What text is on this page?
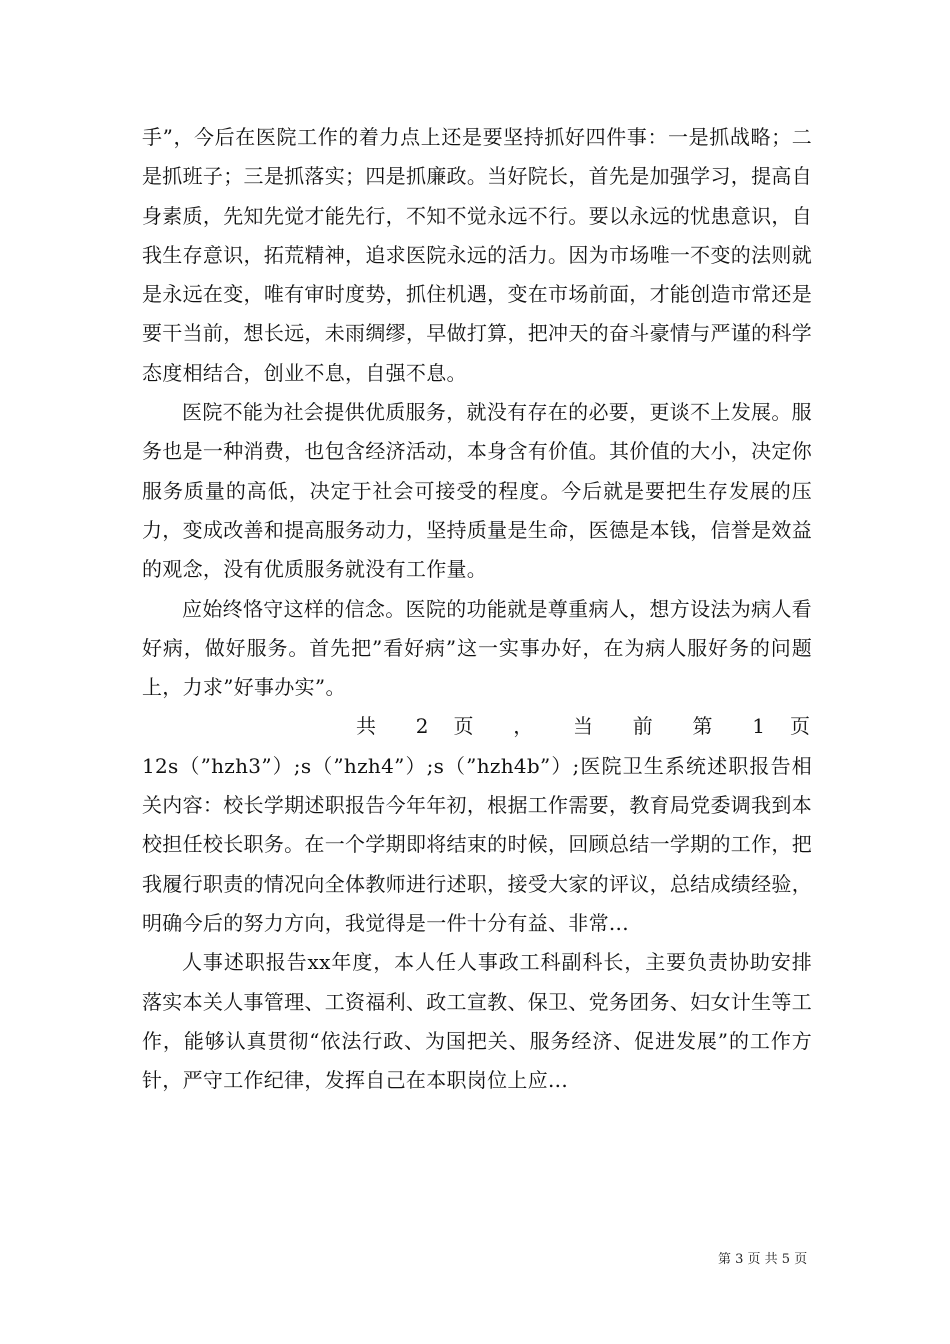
手”，今后在医院工作的着力点上还是要坚持抓好四件事：一是抓战略；二是抓班子；三是抓落实；四是抓廉政。当好院长，首先是加强学习，提高自身素质，先知先觉才能先行，不知不觉永远不行。要以永远的忧患意识，自我生存意识，拓荒精神，追求医院永远的活力。因为市场唯一不变的法则就是永远在变，唯有审时度势，抓住机遇，变在市场前面，才能创造市常还是要干当前，想长远，未雨绸缪，早做打算，把冲天的奋斗豪情与严谨的科学态度相结合，创业不息，自强不息。

医院不能为社会提供优质服务，就没有存在的必要，更谈不上发展。服务也是一种消费，也包含经济活动，本身含有价值。其价值的大小，决定你服务质量的高低，决定于社会可接受的程度。今后就是要把生存发展的压力，变成改善和提高服务动力，坚持质量是生命，医德是本钱，信誉是效益的观念，没有优质服务就没有工作量。

应始终恪守这样的信念。医院的功能就是尊重病人，想方设法为病人看好病，做好服务。首先把”看好病”这一实事办好，在为病人服好务的问题上，力求”好事办实”。

共 2 页 ， 当 前 第 1 页

12s（”hzh3”）;s（”hzh4”）;s（”hzh4b”）;医院卫生系统述职报告相关内容：校长学期述职报告今年年初，根据工作需要，教育局党委调我到本校担任校长职务。在一个学期即将结束的时候，回顾总结一学期的工作，把我履行职责的情况向全体教师进行述职，接受大家的评议，总结成绩经验，明确今后的努力方向，我觉得是一件十分有益、非常...

人事述职报告xx年度，本人任人事政工科副科长，主要负责协助安排落实本关人事管理、工资福利、政工宣教、保卫、党务团务、妇女计生等工作，能够认真贯彻“依法行政、为国把关、服务经济、促进发展”的工作方针，严守工作纪律，发挥自己在本职岗位上应...

第 3 页 共 5 页
